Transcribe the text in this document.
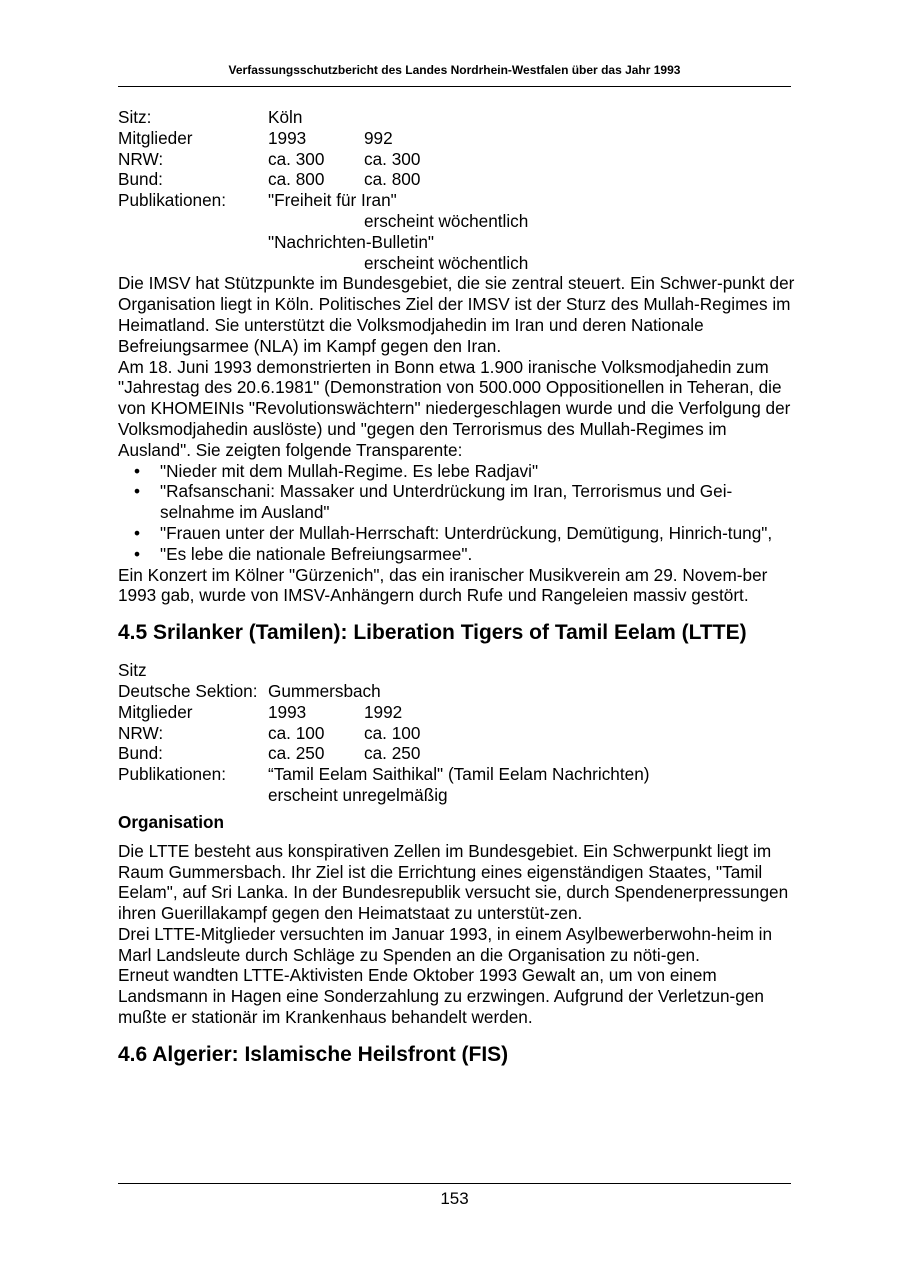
Verfassungsschutzbericht des Landes Nordrhein-Westfalen über das Jahr 1993
Sitz:	Köln
Mitglieder	1993	992
NRW:	ca. 300	ca. 300
Bund:	ca. 800	ca. 800
Publikationen:	"Freiheit für Iran"
erscheint wöchentlich
"Nachrichten-Bulletin"
erscheint wöchentlich

Die IMSV hat Stützpunkte im Bundesgebiet, die sie zentral steuert. Ein Schwer-punkt der Organisation liegt in Köln. Politisches Ziel der IMSV ist der Sturz des Mullah-Regimes im Heimatland. Sie unterstützt die Volksmodjahedin im Iran und deren Nationale Befreiungsarmee (NLA) im Kampf gegen den Iran.

Am 18. Juni 1993 demonstrierten in Bonn etwa 1.900 iranische Volksmodjahedin zum "Jahrestag des 20.6.1981" (Demonstration von 500.000 Oppositionellen in Teheran, die von KHOMEINIs "Revolutionswächtern" niedergeschlagen wurde und die Verfolgung der Volksmodjahedin auslöste) und "gegen den Terrorismus des Mullah-Regimes im Ausland". Sie zeigten folgende Transparente:

• "Nieder mit dem Mullah-Regime. Es lebe Radjavi"
• "Rafsanschani: Massaker und Unterdrückung im Iran, Terrorismus und Gei-selnahme im Ausland"
• "Frauen unter der Mullah-Herrschaft: Unterdrückung, Demütigung, Hinrich-tung",
• "Es lebe die nationale Befreiungsarmee".

Ein Konzert im Kölner "Gürzenich", das ein iranischer Musikverein am 29. Novem-ber 1993 gab, wurde von IMSV-Anhängern durch Rufe und Rangeleien massiv gestört.

4.5 Srilanker (Tamilen): Liberation Tigers of Tamil Eelam (LTTE)
Sitz
Deutsche Sektion: Gummersbach
Mitglieder	1993	1992
NRW:	ca. 100	ca. 100
Bund:	ca. 250	ca. 250
Publikationen:	“Tamil Eelam Saithikal" (Tamil Eelam Nachrichten)
erscheint unregelmäßig
Organisation

Die LTTE besteht aus konspirativen Zellen im Bundesgebiet. Ein Schwerpunkt liegt im Raum Gummersbach. Ihr Ziel ist die Errichtung eines eigenständigen Staates, "Tamil Eelam", auf Sri Lanka. In der Bundesrepublik versucht sie, durch Spendenerpressungen ihren Guerillakampf gegen den Heimatstaat zu unterstüt-zen.

Drei LTTE-Mitglieder versuchten im Januar 1993, in einem Asylbewerberwohn-heim in Marl Landsleute durch Schläge zu Spenden an die Organisation zu nöti-gen.

Erneut wandten LTTE-Aktivisten Ende Oktober 1993 Gewalt an, um von einem Landsmann in Hagen eine Sonderzahlung zu erzwingen. Aufgrund der Verletzun-gen mußte er stationär im Krankenhaus behandelt werden.

4.6 Algerier: Islamische Heilsfront (FIS)
153
